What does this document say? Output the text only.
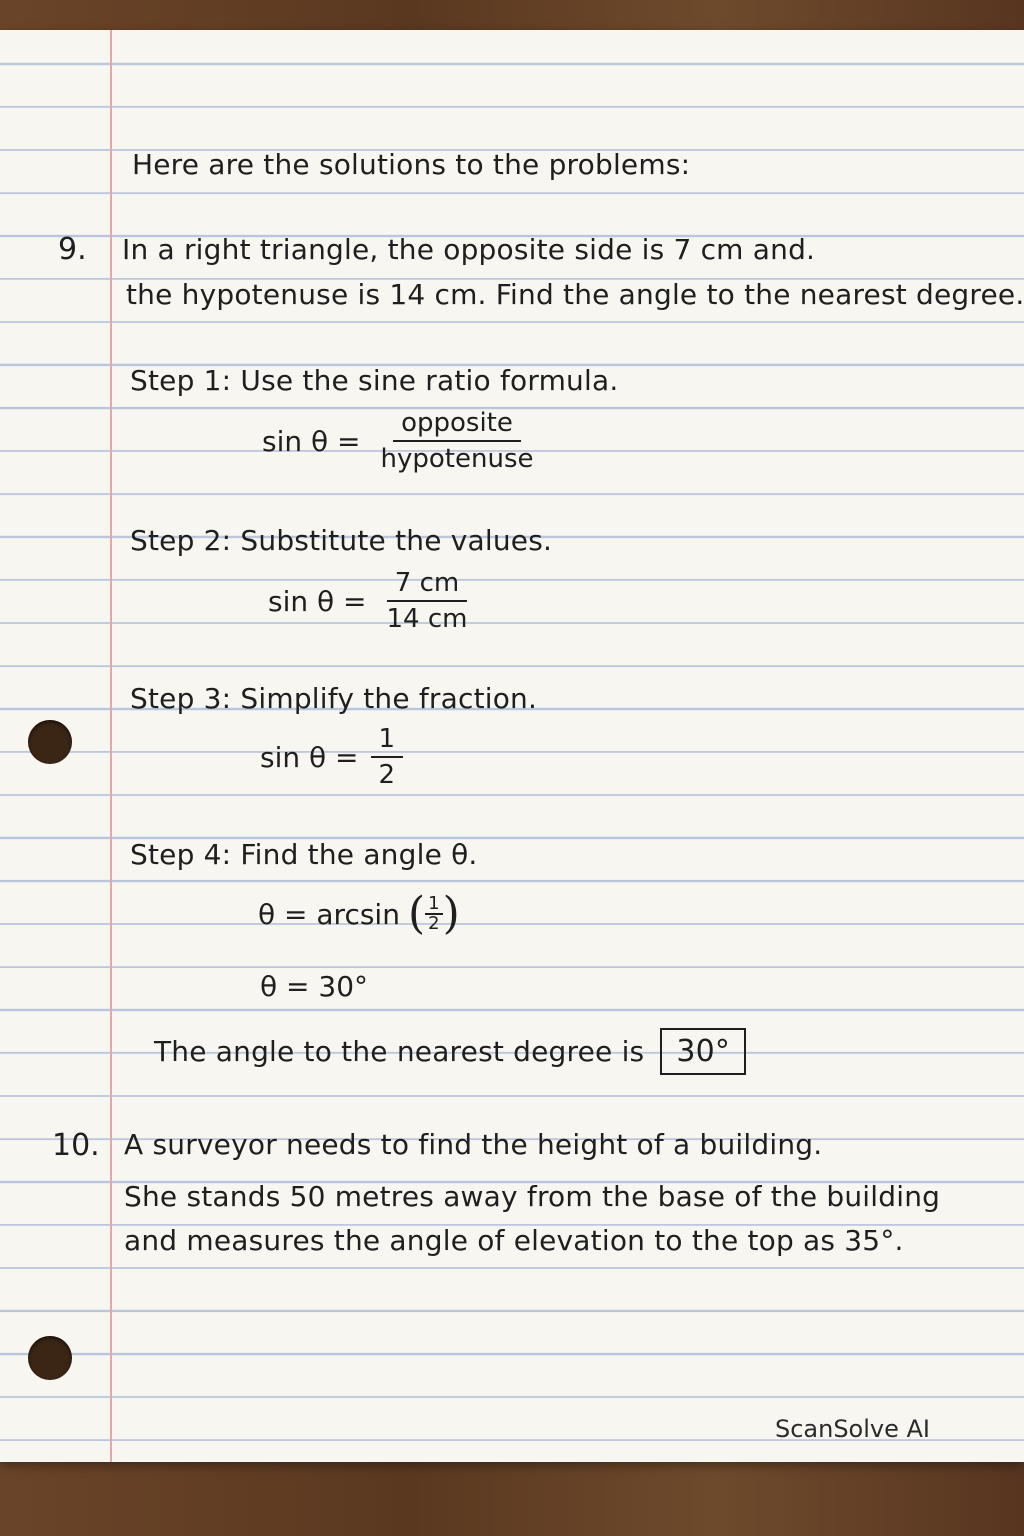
Here are the solutions to the problems:
9. In a right triangle, the opposite side is 7 cm and.
the hypotenuse is 14 cm. Find the angle to the nearest degree.
Step 1: Use the sine ratio formula.
$\sin \theta = \frac{\text{opposite}}{\text{hypotenuse}}$
Step 2: Substitute the values.
$\sin \theta = \frac{7 cm}{14 cm}$
Step 3: Simplify the fraction.
$\sin \theta = \frac{1}{2}$
Step 4: Find the angle θ.
θ = arcsin ( $\frac{1}{2}$ )
θ = 30°
The angle to the nearest degree is	30°
10. A surveyor needs to find the height of a building.
She stands 50 metres away from the base of the building
and measures the angle of elevation to the top as 35°.
ScanSolve AI
